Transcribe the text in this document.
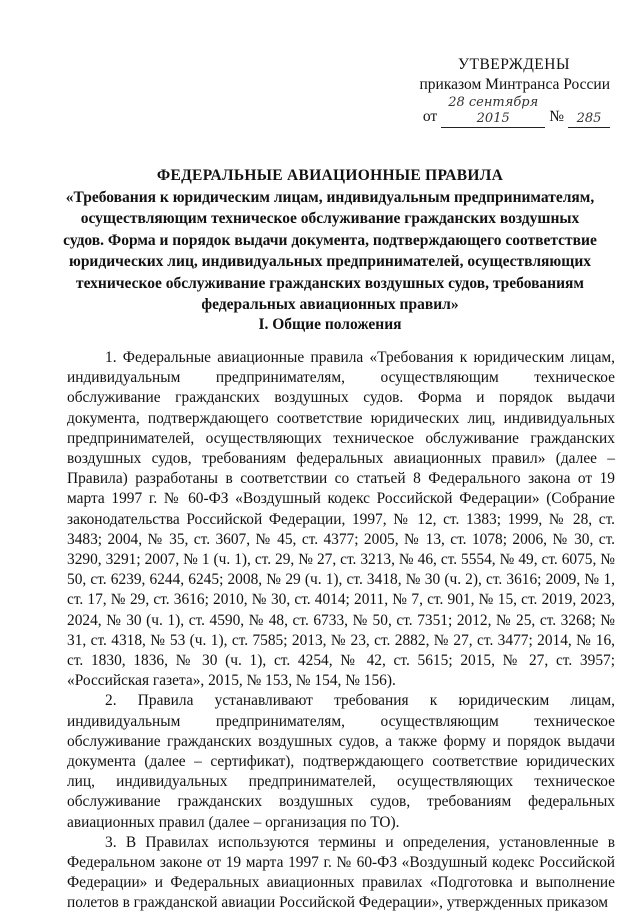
УТВЕРЖДЕНЫ
приказом Минтранса России
от
28 сентября 2015	№ 285
ФЕДЕРАЛЬНЫЕ АВИАЦИОННЫЕ ПРАВИЛА
«Требования к юридическим лицам, индивидуальным предпринимателям, осуществляющим техническое обслуживание гражданских воздушных судов. Форма и порядок выдачи документа, подтверждающего соответствие юридических лиц, индивидуальных предпринимателей, осуществляющих техническое обслуживание гражданских воздушных судов, требованиям федеральных авиационных правил»
I. Общие положения

1. Федеральные авиационные правила «Требования к юридическим лицам, индивидуальным предпринимателям, осуществляющим техническое обслуживание гражданских воздушных судов. Форма и порядок выдачи документа, подтверждающего соответствие юридических лиц, индивидуальных предпринимателей, осуществляющих техническое обслуживание гражданских воздушных судов, требованиям федеральных авиационных правил» (далее – Правила) разработаны в соответствии со статьей 8 Федерального закона от 19 марта 1997 г. № 60-ФЗ «Воздушный кодекс Российской Федерации» (Собрание законодательства Российской Федерации, 1997, № 12, ст. 1383; 1999, № 28, ст. 3483; 2004, № 35, ст. 3607, № 45, ст. 4377; 2005, № 13, ст. 1078; 2006, № 30, ст. 3290, 3291; 2007, № 1 (ч. 1), ст. 29, № 27, ст. 3213, № 46, ст. 5554, № 49, ст. 6075, № 50, ст. 6239, 6244, 6245; 2008, № 29 (ч. 1), ст. 3418, № 30 (ч. 2), ст. 3616; 2009, № 1, ст. 17, № 29, ст. 3616; 2010, № 30, ст. 4014; 2011, № 7, ст. 901, № 15, ст. 2019, 2023, 2024, № 30 (ч. 1), ст. 4590, № 48, ст. 6733, № 50, ст. 7351; 2012, № 25, ст. 3268; № 31, ст. 4318, № 53 (ч. 1), ст. 7585; 2013, № 23, ст. 2882, № 27, ст. 3477; 2014, № 16, ст. 1830, 1836, № 30 (ч. 1), ст. 4254, № 42, ст. 5615; 2015, № 27, ст. 3957; «Российская газета», 2015, № 153, № 154, № 156).

2. Правила устанавливают требования к юридическим лицам, индивидуальным предпринимателям, осуществляющим техническое обслуживание гражданских воздушных судов, а также форму и порядок выдачи документа (далее – сертификат), подтверждающего соответствие юридических лиц, индивидуальных предпринимателей, осуществляющих техническое обслуживание гражданских воздушных судов, требованиям федеральных авиационных правил (далее – организация по ТО).

3. В Правилах используются термины и определения, установленные в Федеральном законе от 19 марта 1997 г. № 60-ФЗ «Воздушный кодекс Российской Федерации» и Федеральных авиационных правилах «Подготовка и выполнение полетов в гражданской авиации Российской Федерации», утвержденных приказом
